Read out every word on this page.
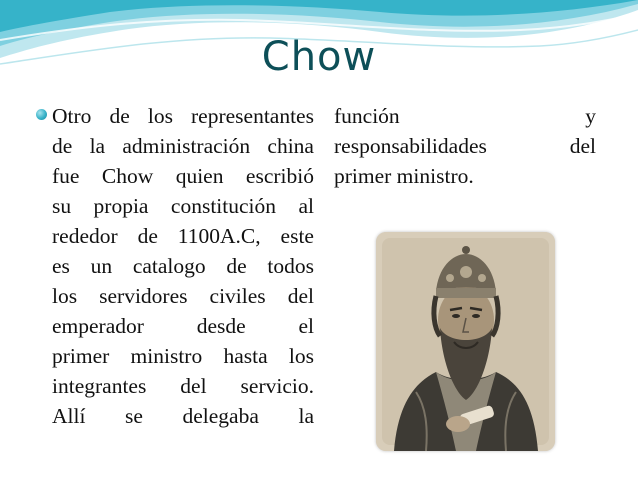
Chow
Otro de los representantes
de la administración china
fue Chow quien escribió
su propia constitución al
rededor de 1100A.C, este
es un catalogo de todos
los servidores civiles del
emperador desde el
primer ministro hasta los
integrantes del servicio.
Allí se delegaba la
función	y
responsabilidades	del
primer ministro.
